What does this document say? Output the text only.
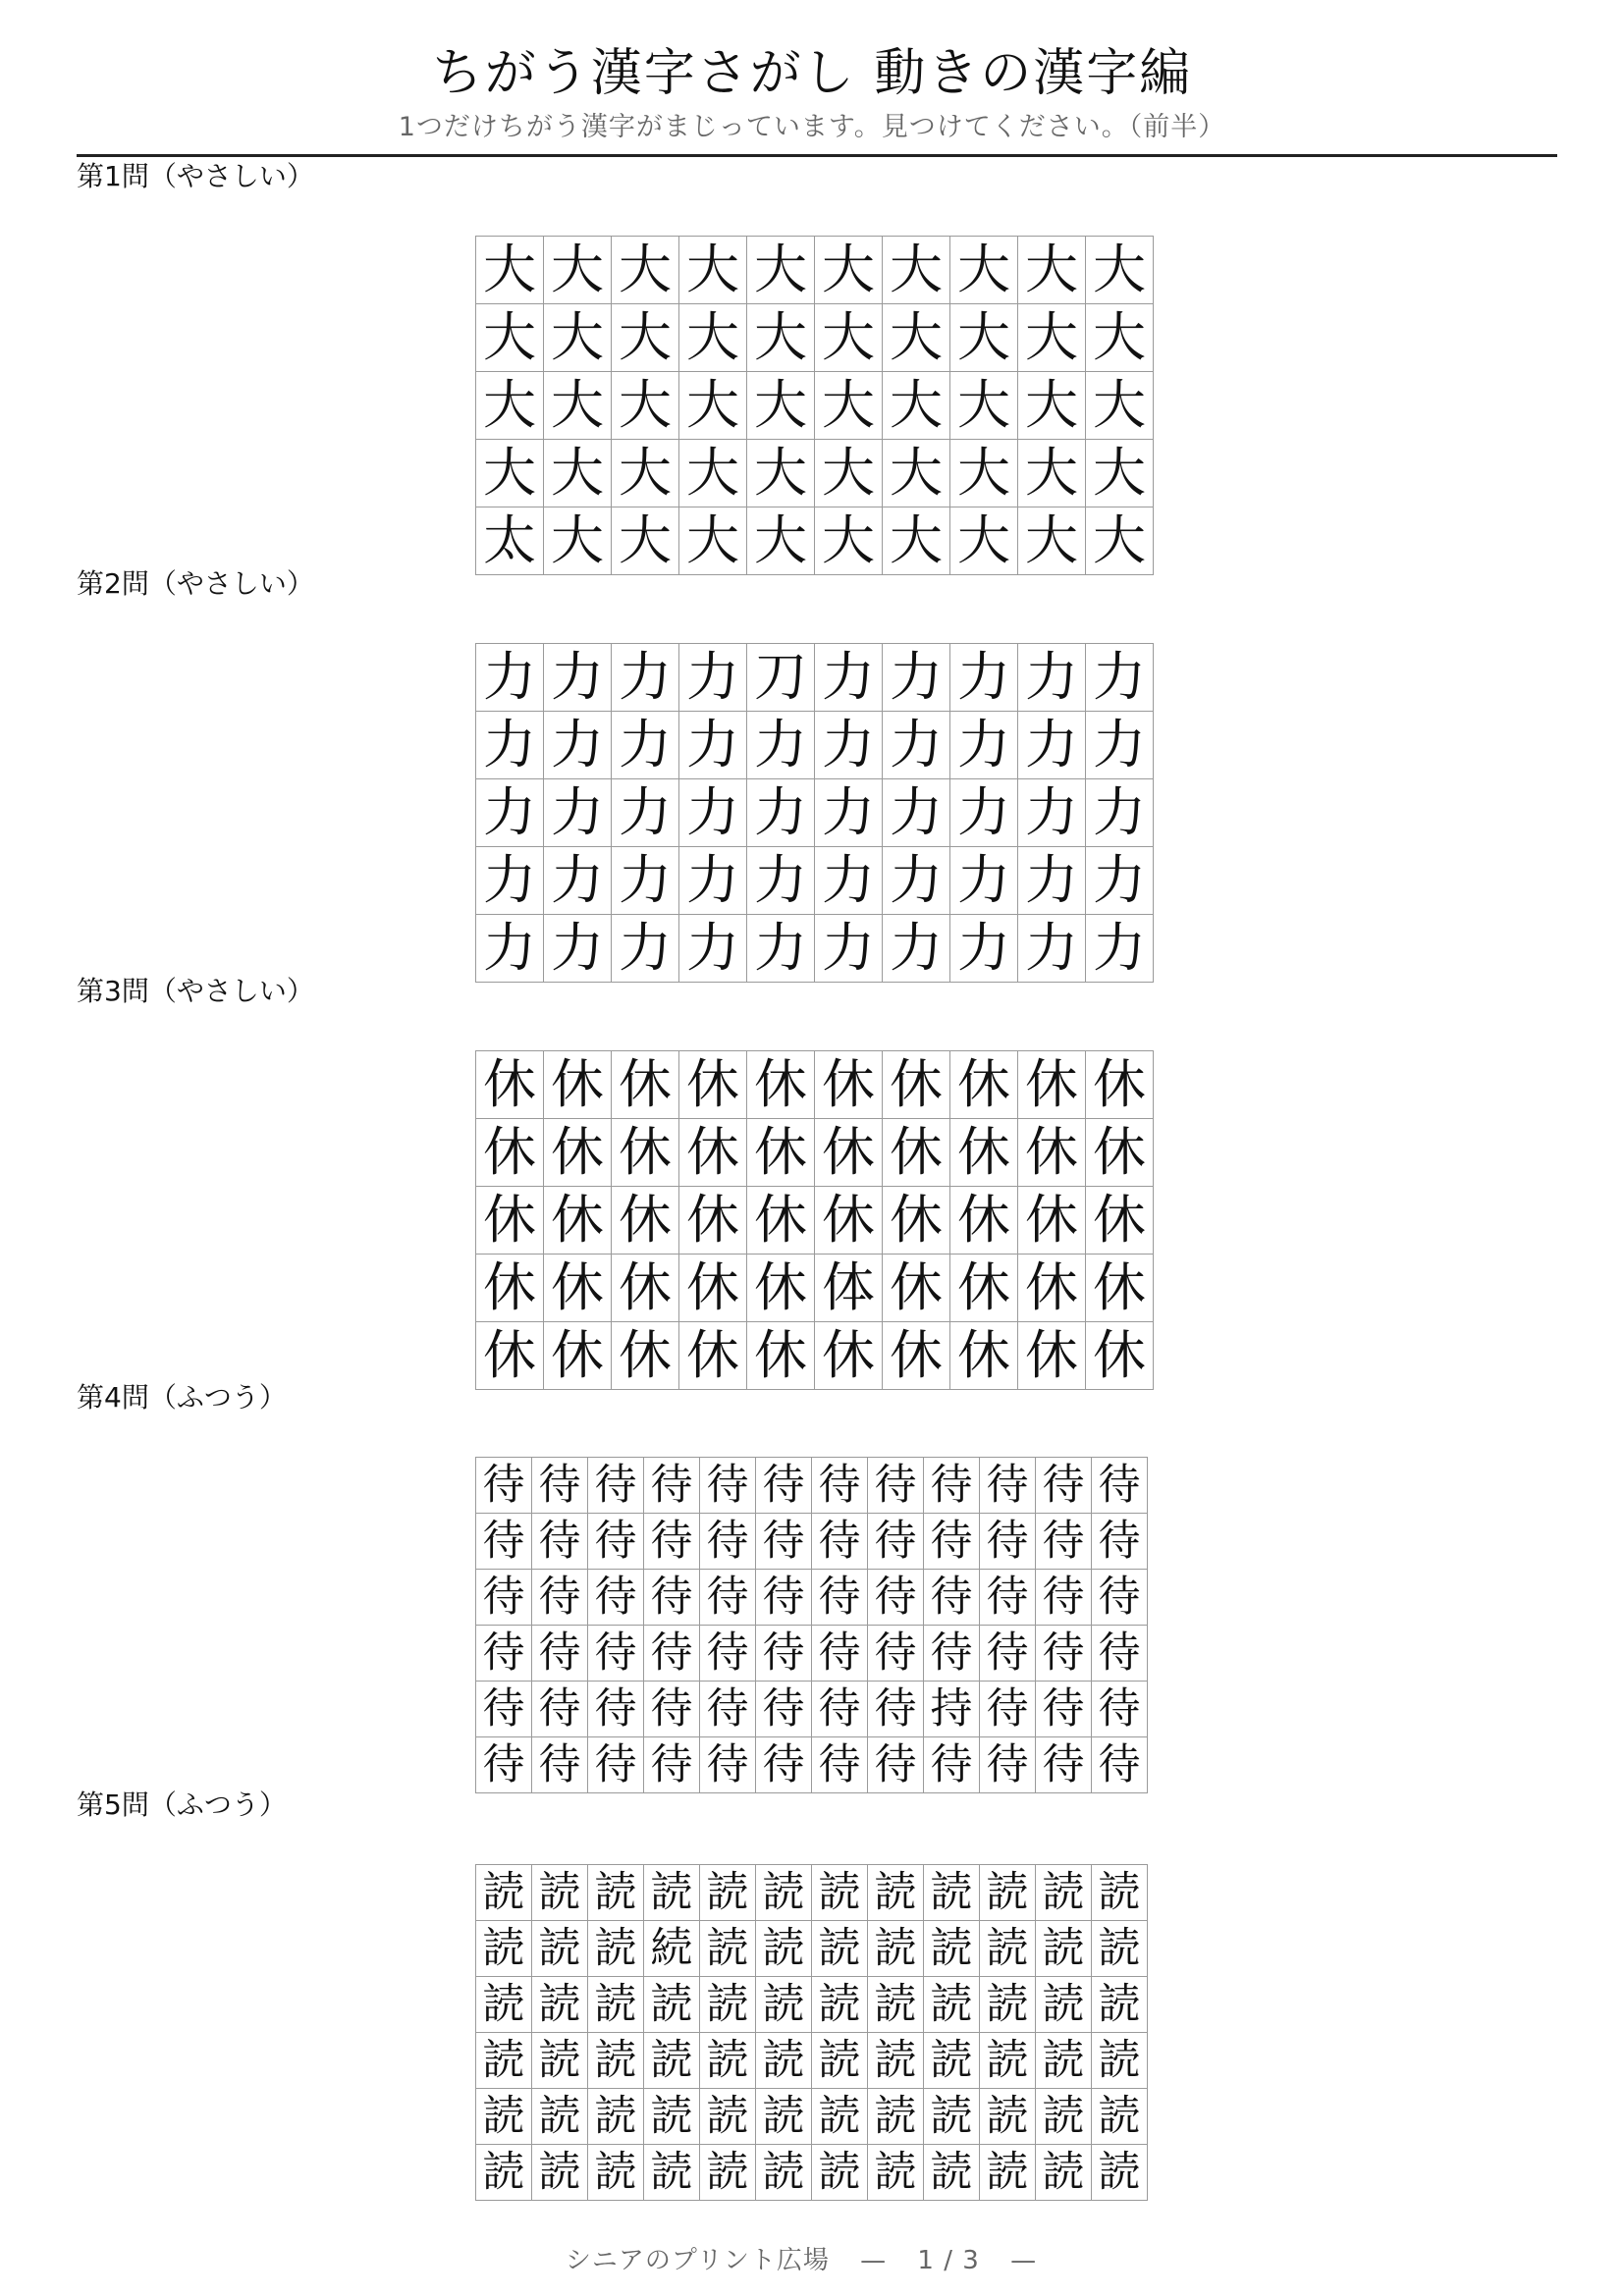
ちがう漢字さがし 動きの漢字編
1つだけちがう漢字がまじっています。見つけてください。（前半）
第1問（やさしい）
大	大	大	大	大	大	大	大	大	大
大	大	大	大	大	大	大	大	大	大
大	大	大	大	大	大	大	大	大	大
大	大	大	大	大	大	大	大	大	大
太	大	大	大	大	大	大	大	大	大
第2問（やさしい）
力	力	力	力	刀	力	力	力	力	力
力	力	力	力	力	力	力	力	力	力
力	力	力	力	力	力	力	力	力	力
力	力	力	力	力	力	力	力	力	力
力	力	力	力	力	力	力	力	力	力
第3問（やさしい）
休	休	休	休	休	休	休	休	休	休
休	休	休	休	休	休	休	休	休	休
休	休	休	休	休	休	休	休	休	休
休	休	休	休	休	体	休	休	休	休
休	休	休	休	休	休	休	休	休	休
第4問（ふつう）
待	待	待	待	待	待	待	待	待	待	待	待
待	待	待	待	待	待	待	待	待	待	待	待
待	待	待	待	待	待	待	待	待	待	待	待
待	待	待	待	待	待	待	待	待	待	待	待
待	待	待	待	待	待	待	待	持	待	待	待
待	待	待	待	待	待	待	待	待	待	待	待
第5問（ふつう）
読	読	読	読	読	読	読	読	読	読	読	読
読	読	読	続	読	読	読	読	読	読	読	読
読	読	読	読	読	読	読	読	読	読	読	読
読	読	読	読	読	読	読	読	読	読	読	読
読	読	読	読	読	読	読	読	読	読	読	読
読	読	読	読	読	読	読	読	読	読	読	読
シニアのプリント広場 — 1 / 3 —
